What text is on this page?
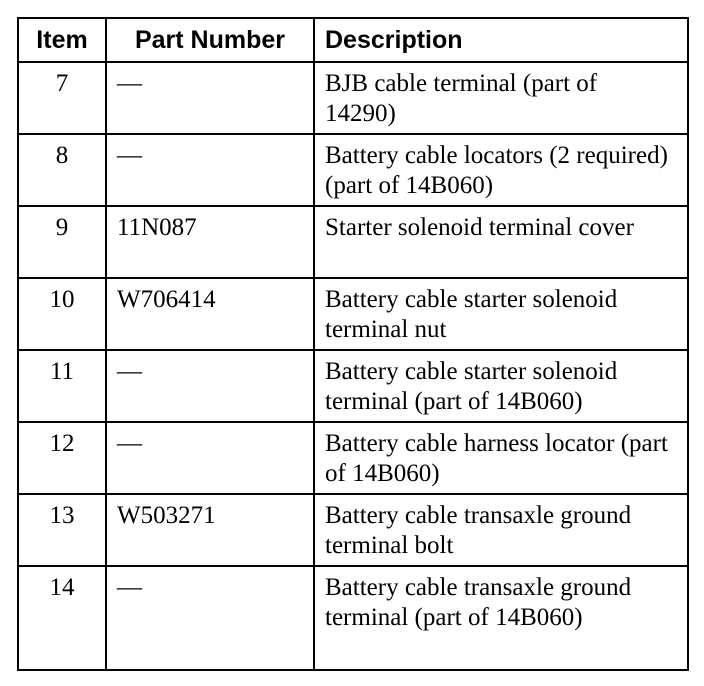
Item	Part Number	Description
7	—	BJB cable terminal (part of 14290)
8	—	Battery cable locators (2 required) (part of 14B060)
9	11N087	Starter solenoid terminal cover
10	W706414	Battery cable starter solenoid terminal nut
11	—	Battery cable starter solenoid terminal (part of 14B060)
12	—	Battery cable harness locator (part of 14B060)
13	W503271	Battery cable transaxle ground terminal bolt
14	—	Battery cable transaxle ground terminal (part of 14B060)
